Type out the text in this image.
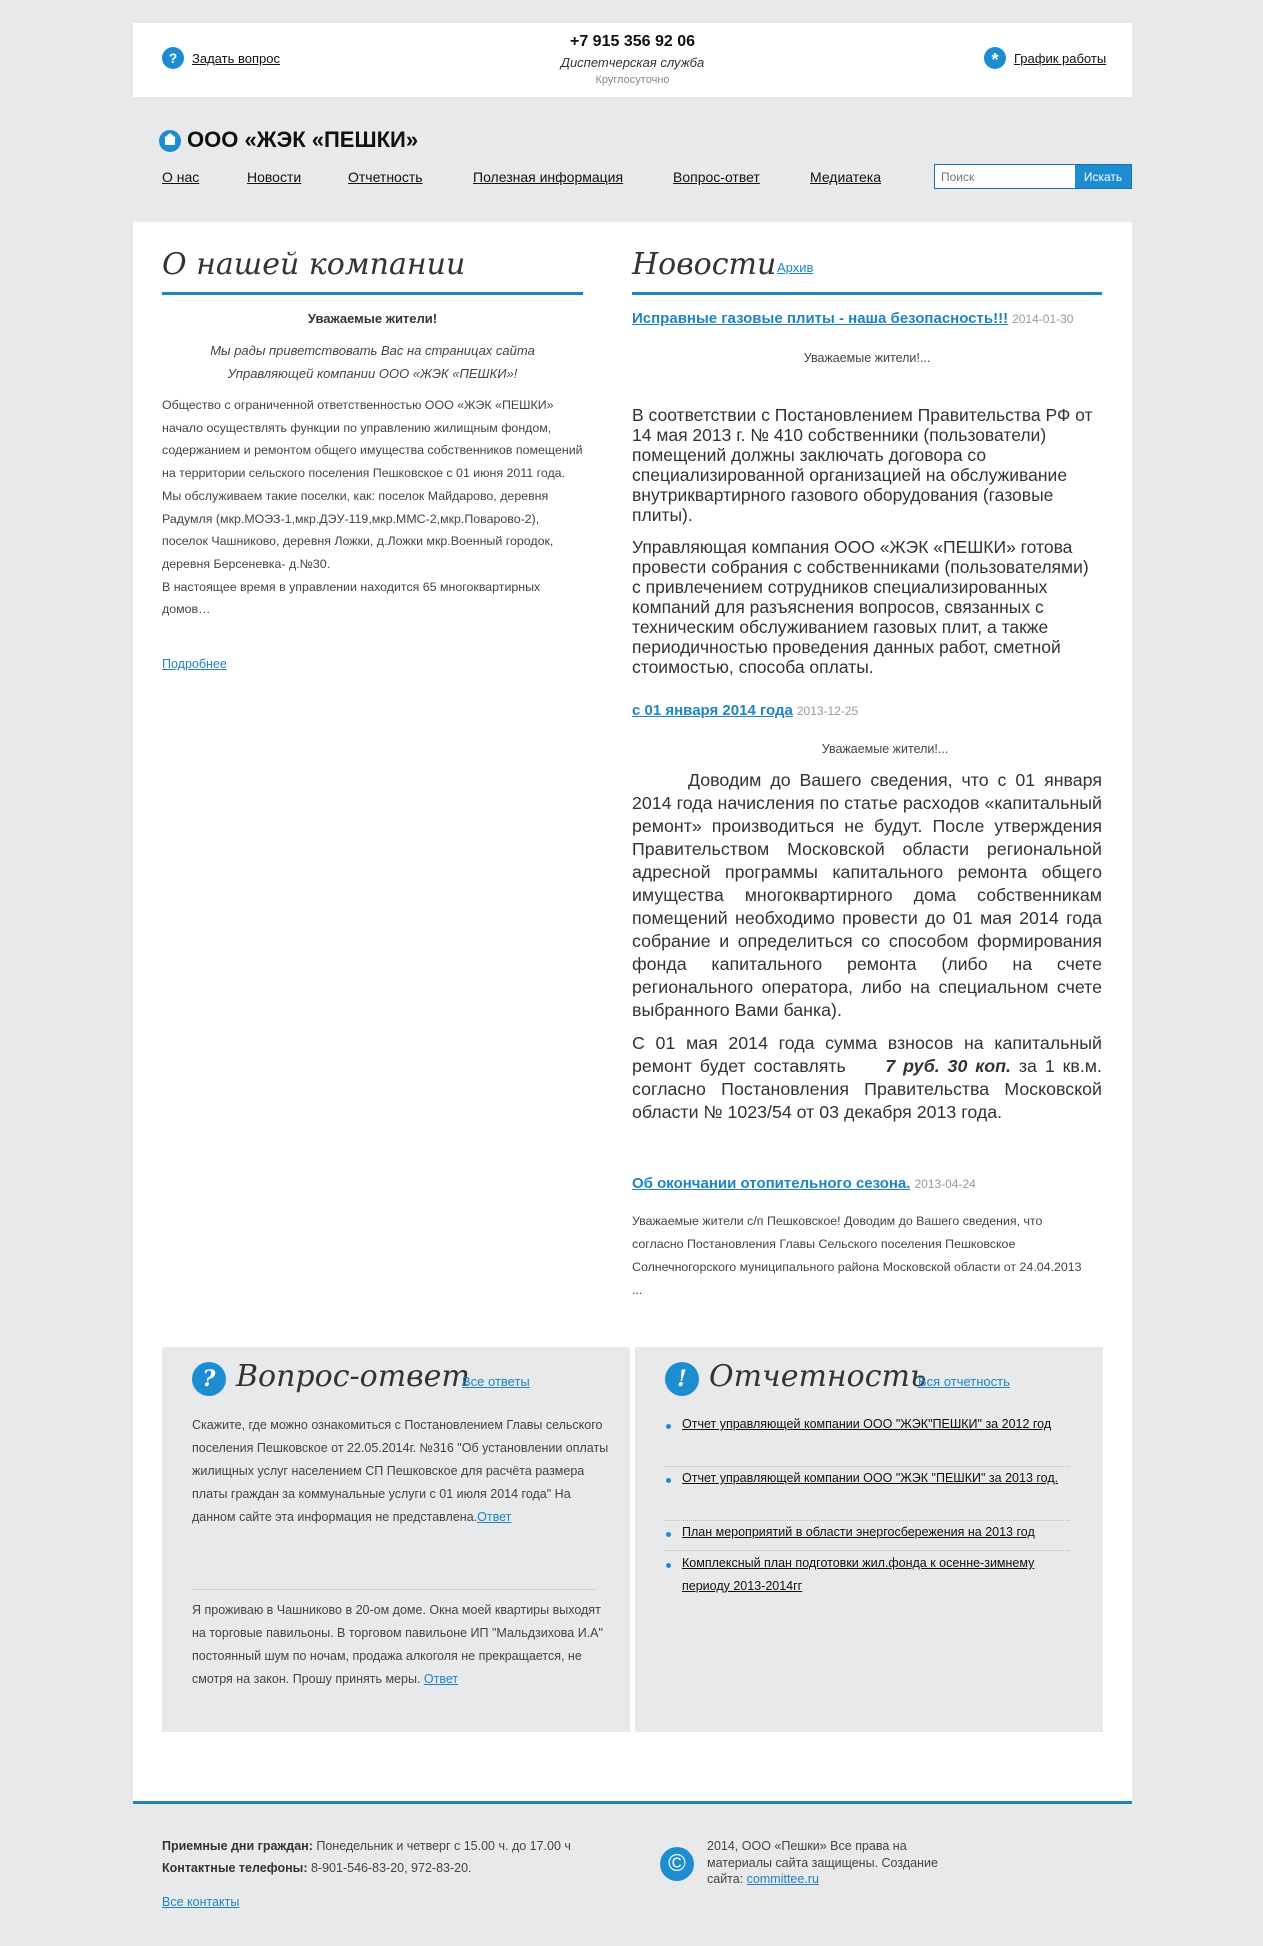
?	Задать вопрос
+7 915 356 92 06
Диспетчерская служба
Круглосуточно
*	График работы
ООО «ЖЭК «ПЕШКИ»
О нас	Новости	Отчетность	Полезная информация	Вопрос-ответ	Медиатека
Поиск	Искать
О нашей компании
Уважаемые жители!
Мы рады приветствовать Вас на страницах сайта
Управляющей компании ООО «ЖЭК «ПЕШКИ»!
Общество с ограниченной ответственностью ООО «ЖЭК «ПЕШКИ» начало осуществлять функции по управлению жилищным фондом, содержанием и ремонтом общего имущества собственников помещений на территории сельского поселения Пешковское с 01 июня 2011 года.
Мы обслуживаем такие поселки, как: поселок Майдарово, деревня Радумля (мкр.МОЭЗ-1,мкр.ДЭУ-119,мкр.ММС-2,мкр.Поварово-2), поселок Чашниково, деревня Ложки, д.Ложки мкр.Военный городок, деревня Берсеневка- д.№30.
В настоящее время в управлении находится 65 многоквартирных домов…
Подробнее
Новости Архив
Исправные газовые плиты - наша безопасность!!! 2014-01-30
Уважаемые жители!...
В соответствии с Постановлением Правительства РФ от 14 мая 2013 г. № 410 собственники (пользователи) помещений должны заключать договора со специализированной организацией на обслуживание внутриквартирного газового оборудования (газовые плиты).
Управляющая компания ООО «ЖЭК «ПЕШКИ» готова провести собрания с собственниками (пользователями) с привлечением сотрудников специализированных компаний для разъяснения вопросов, связанных с техническим обслуживанием газовых плит, а также периодичностью проведения данных работ, сметной стоимостью, способа оплаты.
с 01 января 2014 года 2013-12-25
Уважаемые жители!...
Доводим до Вашего сведения, что с 01 января 2014 года начисления по статье расходов «капитальный ремонт» производиться не будут. После утверждения Правительством Московской области региональной адресной программы капитального ремонта общего имущества многоквартирного дома собственникам помещений необходимо провести до 01 мая 2014 года собрание и определиться со способом формирования фонда капитального ремонта (либо на счете регионального оператора, либо на специальном счете выбранного Вами банка).
С 01 мая 2014 года сумма взносов на капитальный ремонт будет составлять 7 руб. 30 коп. за 1 кв.м. согласно Постановления Правительства Московской области № 1023/54 от 03 декабря 2013 года.
Об окончании отопительного сезона. 2013-04-24
Уважаемые жители с/п Пешковское! Доводим до Вашего сведения, что согласно Постановления Главы Сельского поселения Пешковское Солнечногорского муниципального района Московской области от 24.04.2013 ...
? Вопрос-ответ
Все ответы
Скажите, где можно ознакомиться с Постановлением Главы сельского поселения Пешковское от 22.05.2014г. №316 "Об установлении оплаты жилищных услуг населением СП Пешковское для расчёта размера платы граждан за коммунальные услуги с 01 июля 2014 года" На данном сайте эта информация не представлена.Ответ
Я проживаю в Чашниково в 20-ом доме. Окна моей квартиры выходят на торговые павильоны. В торговом павильоне ИП "Мальдзихова И.А" постоянный шум по ночам, продажа алкоголя не прекращается, не смотря на закон. Прошу принять меры. Ответ
! Отчетность
Вся отчетность
Отчет управляющей компании ООО "ЖЭК"ПЕШКИ" за 2012 год
Отчет управляющей компании ООО "ЖЭК "ПЕШКИ" за 2013 год.
План мероприятий в области энергосбережения на 2013 год
Комплексный план подготовки жил.фонда к осенне-зимнему периоду 2013-2014гг
Приемные дни граждан: Понедельник и четверг с 15.00 ч. до 17.00 ч
Контактные телефоны: 8-901-546-83-20, 972-83-20.
Все контакты
©
2014, ООО «Пешки» Все права на материалы сайта защищены. Создание сайта: committee.ru
